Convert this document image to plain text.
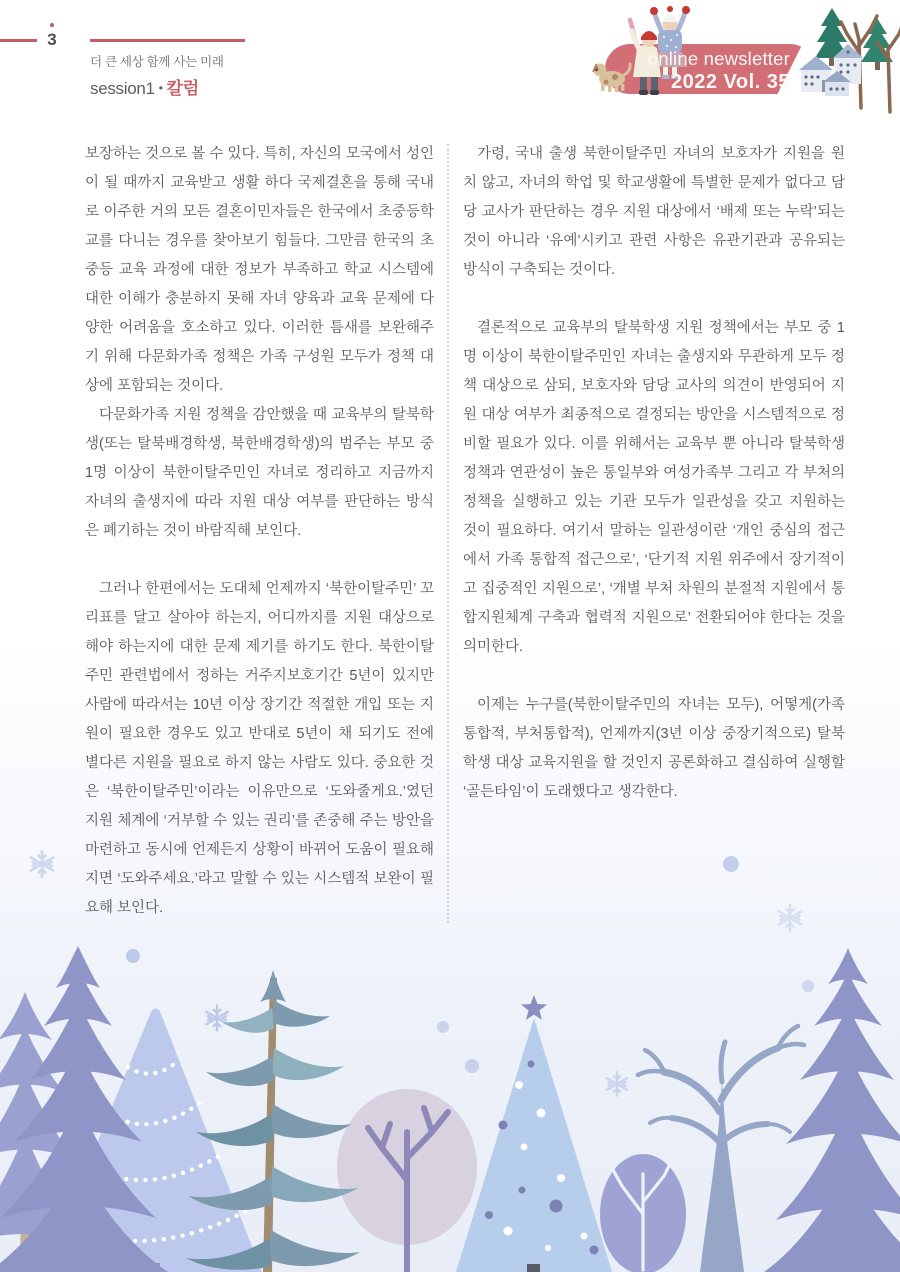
3
더 큰 세상 함께 사는 미래
session1 • 칼럼
online newsletter
2022 Vol. 35

보장하는 것으로 볼 수 있다. 특히, 자신의 모국에서 성인이 될 때까지 교육받고 생활 하다 국제결혼을 통해 국내로 이주한 거의 모든 결혼이민자들은 한국에서 초중등학교를 다니는 경우를 찾아보기 힘들다. 그만큼 한국의 초중등 교육 과정에 대한 정보가 부족하고 학교 시스템에 대한 이해가 충분하지 못해 자녀 양육과 교육 문제에 다양한 어려움을 호소하고 있다. 이러한 틈새를 보완해주기 위해 다문화가족 정책은 가족 구성원 모두가 정책 대상에 포함되는 것이다.

다문화가족 지원 정책을 감안했을 때 교육부의 탈북학생(또는 탈북배경학생, 북한배경학생)의 범주는 부모 중 1명 이상이 북한이탈주민인 자녀로 정리하고 지금까지 자녀의 출생지에 따라 지원 대상 여부를 판단하는 방식은 폐기하는 것이 바람직해 보인다.

그러나 한편에서는 도대체 언제까지 ‘북한이탈주민’ 꼬리표를 달고 살아야 하는지, 어디까지를 지원 대상으로 해야 하는지에 대한 문제 제기를 하기도 한다. 북한이탈주민 관련법에서 정하는 거주지보호기간 5년이 있지만 사람에 따라서는 10년 이상 장기간 적절한 개입 또는 지원이 필요한 경우도 있고 반대로 5년이 채 되기도 전에 별다른 지원을 필요로 하지 않는 사람도 있다. 중요한 것은 ‘북한이탈주민’이라는 이유만으로 ‘도와줄게요.’였던 지원 체계에 ‘거부할 수 있는 권리’를 존중해 주는 방안을 마련하고 동시에 언제든지 상황이 바뀌어 도움이 필요해지면 ‘도와주세요.’라고 말할 수 있는 시스템적 보완이 필요해 보인다.

가령, 국내 출생 북한이탈주민 자녀의 보호자가 지원을 원치 않고, 자녀의 학업 및 학교생활에 특별한 문제가 없다고 담당 교사가 판단하는 경우 지원 대상에서 ‘배제 또는 누락’되는 것이 아니라 ‘유예’시키고 관련 사항은 유관기관과 공유되는 방식이 구축되는 것이다.

결론적으로 교육부의 탈북학생 지원 정책에서는 부모 중 1명 이상이 북한이탈주민인 자녀는 출생지와 무관하게 모두 정책 대상으로 삼되, 보호자와 담당 교사의 의견이 반영되어 지원 대상 여부가 최종적으로 결정되는 방안을 시스템적으로 정비할 필요가 있다. 이를 위해서는 교육부 뿐 아니라 탈북학생 정책과 연관성이 높은 통일부와 여성가족부 그리고 각 부처의 정책을 실행하고 있는 기관 모두가 일관성을 갖고 지원하는 것이 필요하다. 여기서 말하는 일관성이란 ‘개인 중심의 접근에서 가족 통합적 접근으로’, ‘단기적 지원 위주에서 장기적이고 집중적인 지원으로’, ‘개별 부처 차원의 분절적 지원에서 통합지원체계 구축과 협력적 지원으로’ 전환되어야 한다는 것을 의미한다.

이제는 누구를(북한이탈주민의 자녀는 모두), 어떻게(가족통합적, 부처통합적), 언제까지(3년 이상 중장기적으로) 탈북학생 대상 교육지원을 할 것인지 공론화하고 결심하여 실행할 ‘골든타임’이 도래했다고 생각한다.
